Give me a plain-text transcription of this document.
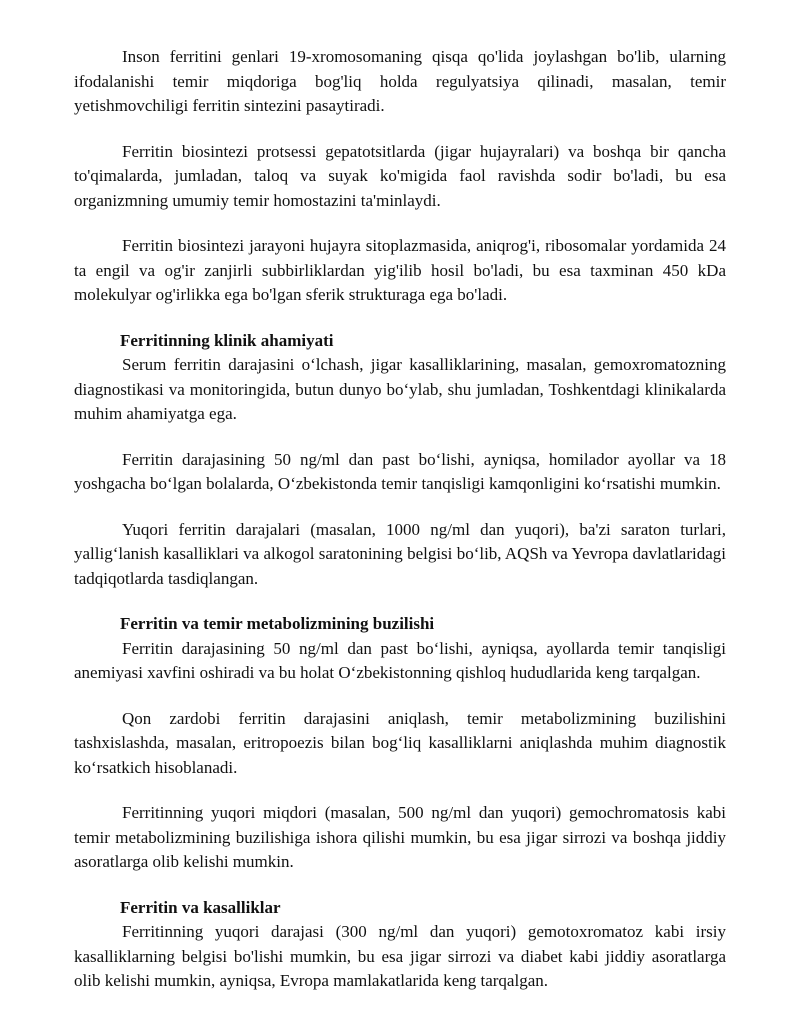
Inson ferritini genlari 19-xromosomaning qisqa qo'lida joylashgan bo'lib, ularning ifodalanishi temir miqdoriga bog'liq holda regulyatsiya qilinadi, masalan, temir yetishmovchiligi ferritin sintezini pasaytiradi.

Ferritin biosintezi protsessi gepatotsitlarda (jigar hujayralari) va boshqa bir qancha to'qimalarda, jumladan, taloq va suyak ko'migida faol ravishda sodir bo'ladi, bu esa organizmning umumiy temir homostazini ta'minlaydi.

Ferritin biosintezi jarayoni hujayra sitoplazmasida, aniqrog'i, ribosomalar yordamida 24 ta engil va og'ir zanjirli subbirliklardan yig'ilib hosil bo'ladi, bu esa taxminan 450 kDa molekulyar og'irlikka ega bo'lgan sferik strukturaga ega bo'ladi.

Ferritinning klinik ahamiyati

Serum ferritin darajasini o‘lchash, jigar kasalliklarining, masalan, gemoxromatozning diagnostikasi va monitoringida, butun dunyo bo‘ylab, shu jumladan, Toshkentdagi klinikalarda muhim ahamiyatga ega.

Ferritin darajasining 50 ng/ml dan past bo‘lishi, ayniqsa, homilador ayollar va 18 yoshgacha bo‘lgan bolalarda, O‘zbekistonda temir tanqisligi kamqonligini ko‘rsatishi mumkin.

Yuqori ferritin darajalari (masalan, 1000 ng/ml dan yuqori), ba'zi saraton turlari, yallig‘lanish kasalliklari va alkogol saratonining belgisi bo‘lib, AQSh va Yevropa davlatlaridagi tadqiqotlarda tasdiqlangan.

Ferritin va temir metabolizmining buzilishi

Ferritin darajasining 50 ng/ml dan past bo‘lishi, ayniqsa, ayollarda temir tanqisligi anemiyasi xavfini oshiradi va bu holat O‘zbekistonning qishloq hududlarida keng tarqalgan.

Qon zardobi ferritin darajasini aniqlash, temir metabolizmining buzilishini tashxislashda, masalan, eritropoezis bilan bog‘liq kasalliklarni aniqlashda muhim diagnostik ko‘rsatkich hisoblanadi.

Ferritinning yuqori miqdori (masalan, 500 ng/ml dan yuqori) gemochromatosis kabi temir metabolizmining buzilishiga ishora qilishi mumkin, bu esa jigar sirrozi va boshqa jiddiy asoratlarga olib kelishi mumkin.

Ferritin va kasalliklar

Ferritinning yuqori darajasi (300 ng/ml dan yuqori) gemotoxromatoz kabi irsiy kasalliklarning belgisi bo'lishi mumkin, bu esa jigar sirrozi va diabet kabi jiddiy asoratlarga olib kelishi mumkin, ayniqsa, Evropa mamlakatlarida keng tarqalgan.
